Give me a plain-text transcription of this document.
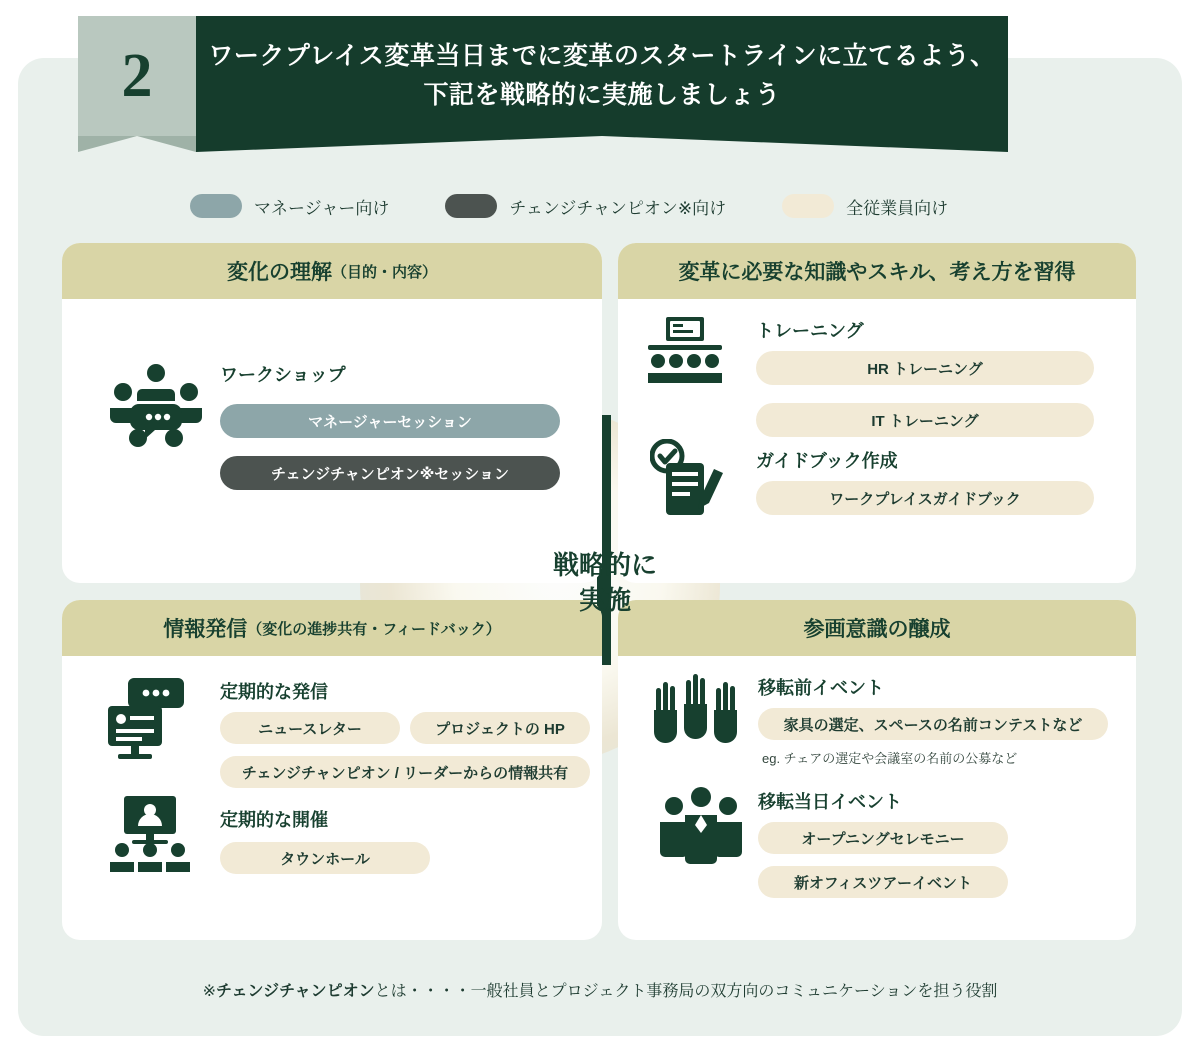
2	ワークプレイス変革当日までに変革のスタートラインに立てるよう、下記を戦略的に実施しましょう
マネージャー向け	チェンジチャンピオン※向け	全従業員向け
変化の理解 （目的・内容）
ワークショップ
マネージャーセッション
チェンジチャンピオン※セッション
変革に必要な知識やスキル、考え方を習得
トレーニング
HR トレーニング
IT トレーニング
ガイドブック作成
ワークプレイスガイドブック
情報発信 （変化の進捗共有・フィードバック）
定期的な発信
ニュースレター	プロジェクトの HP
チェンジチャンピオン / リーダーからの情報共有
定期的な開催
タウンホール
参画意識の醸成
移転前イベント
家具の選定、スペースの名前コンテストなど
eg. チェアの選定や会議室の名前の公募など
移転当日イベント
オープニングセレモニー
新オフィスツアーイベント
戦略的に
実施
※チェンジチャンピオンとは・・・・一般社員とプロジェクト事務局の双方向のコミュニケーションを担う役割
